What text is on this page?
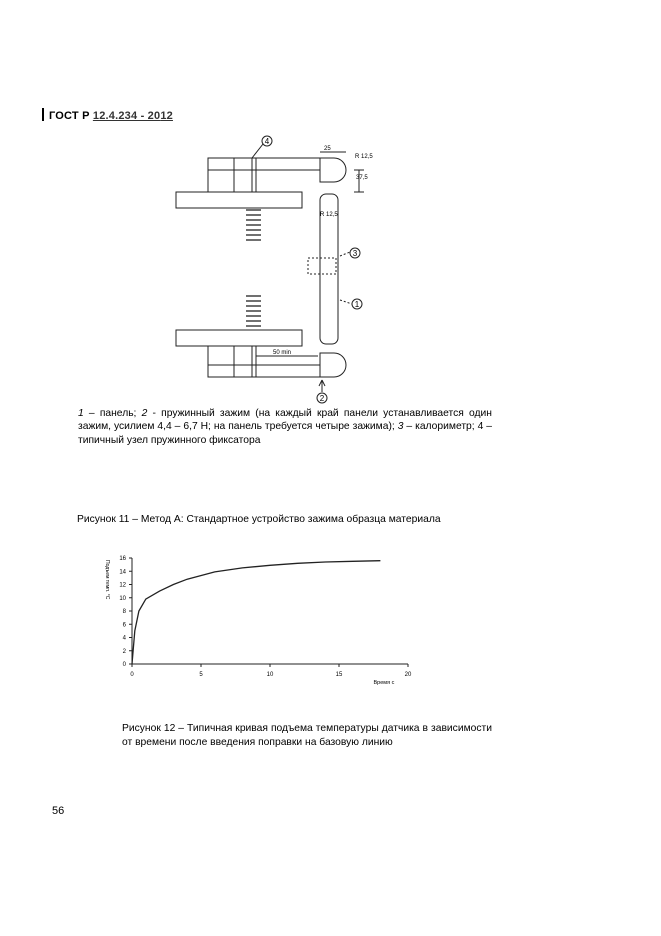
ГОСТ Р 12.4.234 - 2012
4
3
1
2
25
R 12,5
37,5
R 12,5
50 min
1 – панель; 2 - пружинный зажим (на каждый край панели устанавливается один зажим, усилием 4,4 – 6,7 Н; на панель требуется четыре зажима); 3 – калориметр; 4 – типичный узел пружинного фиксатора
Рисунок 11 – Метод А: Стандартное устройство зажима образца материала
0
2
4
6
8
10
12
14
16
0	5	10	15	20
Время с
Подъем темп. °С
Рисунок 12 – Типичная кривая подъема температуры датчика в зависимости от времени после введения поправки на базовую линию
56
